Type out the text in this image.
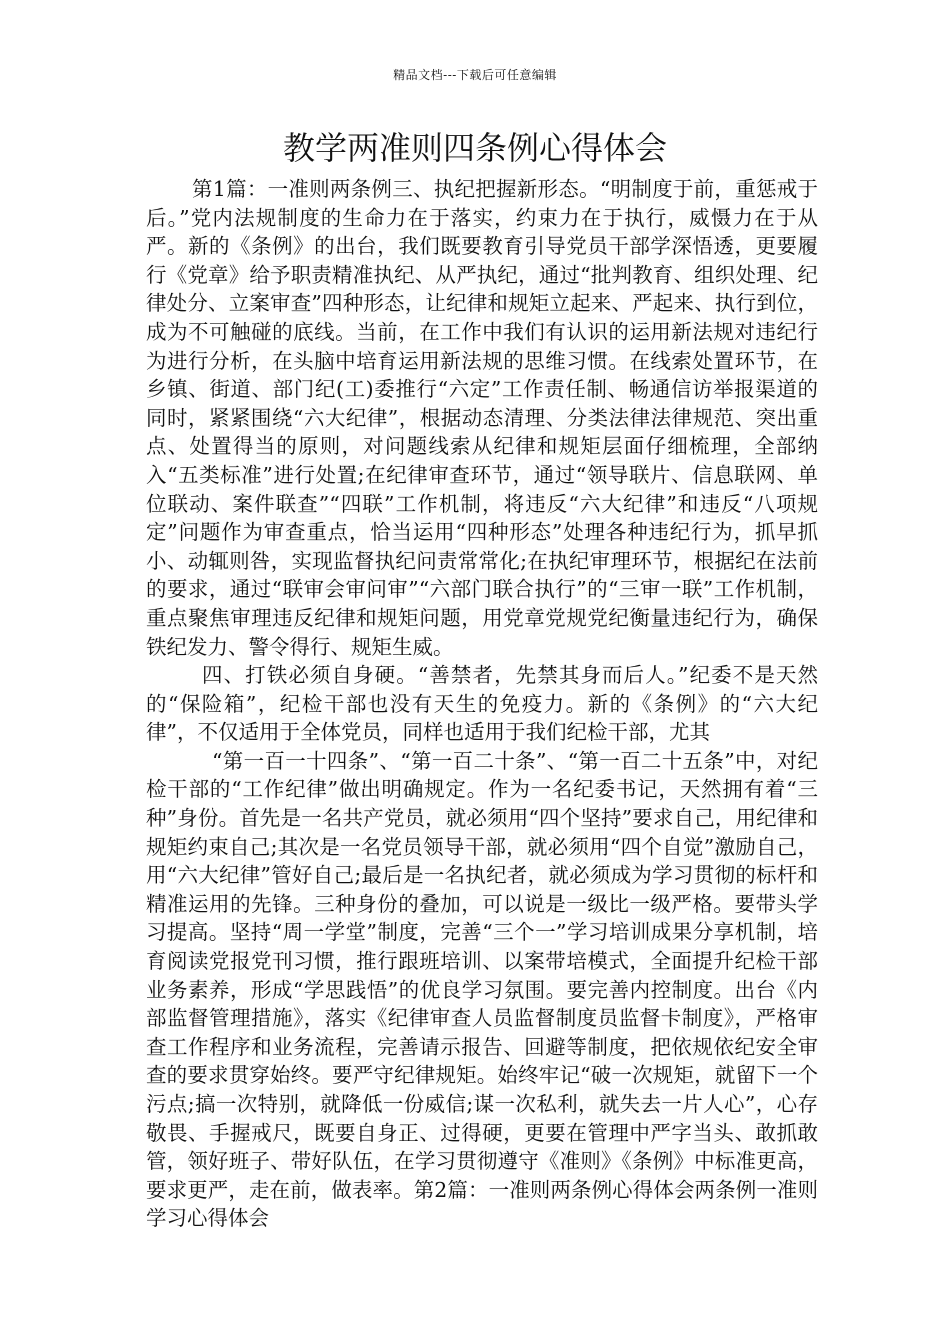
精品文档---下载后可任意编辑
教学两准则四条例心得体会

第1篇：一准则两条例三、执纪把握新形态。“明制度于前，重惩戒于后。”党内法规制度的生命力在于落实，约束力在于执行，威慑力在于从严。新的《条例》的出台，我们既要教育引导党员干部学深悟透，更要履行《党章》给予职责精准执纪、从严执纪，通过“批判教育、组织处理、纪律处分、立案审查”四种形态，让纪律和规矩立起来、严起来、执行到位，成为不可触碰的底线。当前，在工作中我们有认识的运用新法规对违纪行为进行分析，在头脑中培育运用新法规的思维习惯。在线索处置环节，在乡镇、街道、部门纪(工)委推行“六定”工作责任制、畅通信访举报渠道的同时，紧紧围绕“六大纪律”，根据动态清理、分类法律法律规范、突出重点、处置得当的原则，对问题线索从纪律和规矩层面仔细梳理，全部纳入“五类标准”进行处置;在纪律审查环节，通过“领导联片、信息联网、单位联动、案件联查”“四联”工作机制，将违反“六大纪律”和违反“八项规定”问题作为审查重点，恰当运用“四种形态”处理各种违纪行为，抓早抓小、动辄则咎，实现监督执纪问责常常化;在执纪审理环节，根据纪在法前的要求，通过“联审会审问审”“六部门联合执行”的“三审一联”工作机制，重点聚焦审理违反纪律和规矩问题，用党章党规党纪衡量违纪行为，确保铁纪发力、警令得行、规矩生威。

四、打铁必须自身硬。“善禁者，先禁其身而后人。”纪委不是天然的“保险箱”，纪检干部也没有天生的免疫力。新的《条例》的“六大纪律”，不仅适用于全体党员，同样也适用于我们纪检干部，尤其

“第一百一十四条”、“第一百二十条”、“第一百二十五条”中，对纪检干部的“工作纪律”做出明确规定。作为一名纪委书记，天然拥有着“三种”身份。首先是一名共产党员，就必须用“四个坚持”要求自己，用纪律和规矩约束自己;其次是一名党员领导干部，就必须用“四个自觉”激励自己，用“六大纪律”管好自己;最后是一名执纪者，就必须成为学习贯彻的标杆和精准运用的先锋。三种身份的叠加，可以说是一级比一级严格。要带头学习提高。坚持“周一学堂”制度，完善“三个一”学习培训成果分享机制，培育阅读党报党刊习惯，推行跟班培训、以案带培模式，全面提升纪检干部业务素养，形成“学思践悟”的优良学习氛围。要完善内控制度。出台《内部监督管理措施》，落实《纪律审查人员监督制度员监督卡制度》，严格审查工作程序和业务流程，完善请示报告、回避等制度，把依规依纪安全审查的要求贯穿始终。要严守纪律规矩。始终牢记“破一次规矩，就留下一个污点;搞一次特别，就降低一份威信;谋一次私利，就失去一片人心”，心存敬畏、手握戒尺，既要自身正、过得硬，更要在管理中严字当头、敢抓敢管，领好班子、带好队伍，在学习贯彻遵守《准则》《条例》中标准更高，要求更严，走在前，做表率。第2篇：一准则两条例心得体会两条例一准则学习心得体会
